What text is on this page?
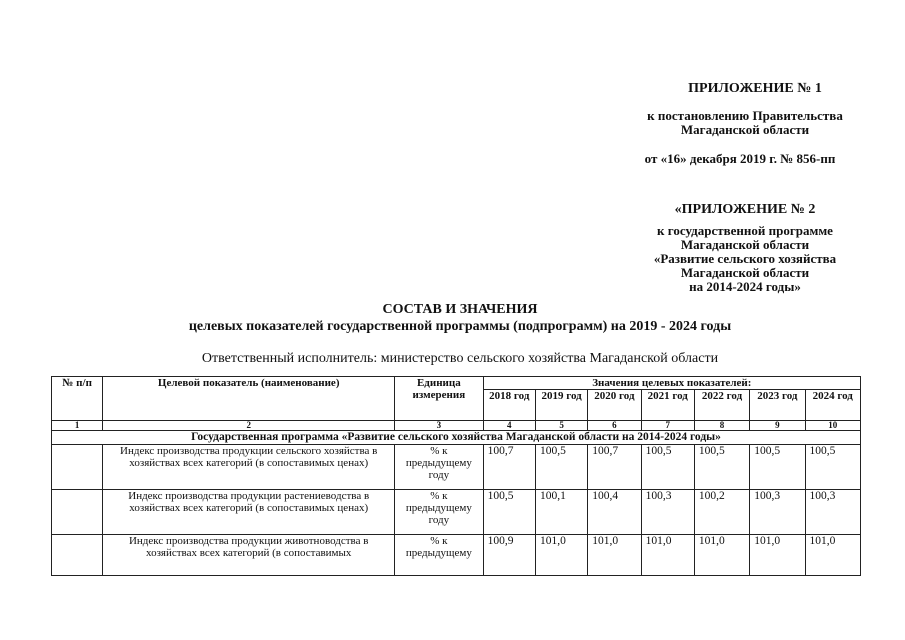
ПРИЛОЖЕНИЕ № 1
к постановлению Правительства
Магаданской области
от «16» декабря 2019 г. № 856-пп
«ПРИЛОЖЕНИЕ № 2
к государственной программе
Магаданской области
«Развитие сельского хозяйства
Магаданской области
на 2014-2024 годы»
СОСТАВ И ЗНАЧЕНИЯ
целевых показателей государственной программы (подпрограмм) на 2019 - 2024 годы
Ответственный исполнитель: министерство сельского хозяйства Магаданской области
№ п/п	Целевой показатель (наименование)	Единица измерения	Значения целевых показателей:						
			2018 год	2019 год	2020 год	2021 год	2022 год	2023 год	2024 год
1	2	3	4	5	6	7	8	9	10
Государственная программа «Развитие сельского хозяйства Магаданской области на 2014-2024 годы»									
	Индекс производства продукции сельского хозяйства в хозяйствах всех категорий (в сопоставимых ценах)	% к предыдущему году	100,7	100,5	100,7	100,5	100,5	100,5	100,5
	Индекс производства продукции растениеводства в хозяйствах всех категорий (в сопоставимых ценах)	% к предыдущему году	100,5	100,1	100,4	100,3	100,2	100,3	100,3
	Индекс производства продукции животноводства в хозяйствах всех категорий (в сопоставимых	% к предыдущему	100,9	101,0	101,0	101,0	101,0	101,0	101,0
